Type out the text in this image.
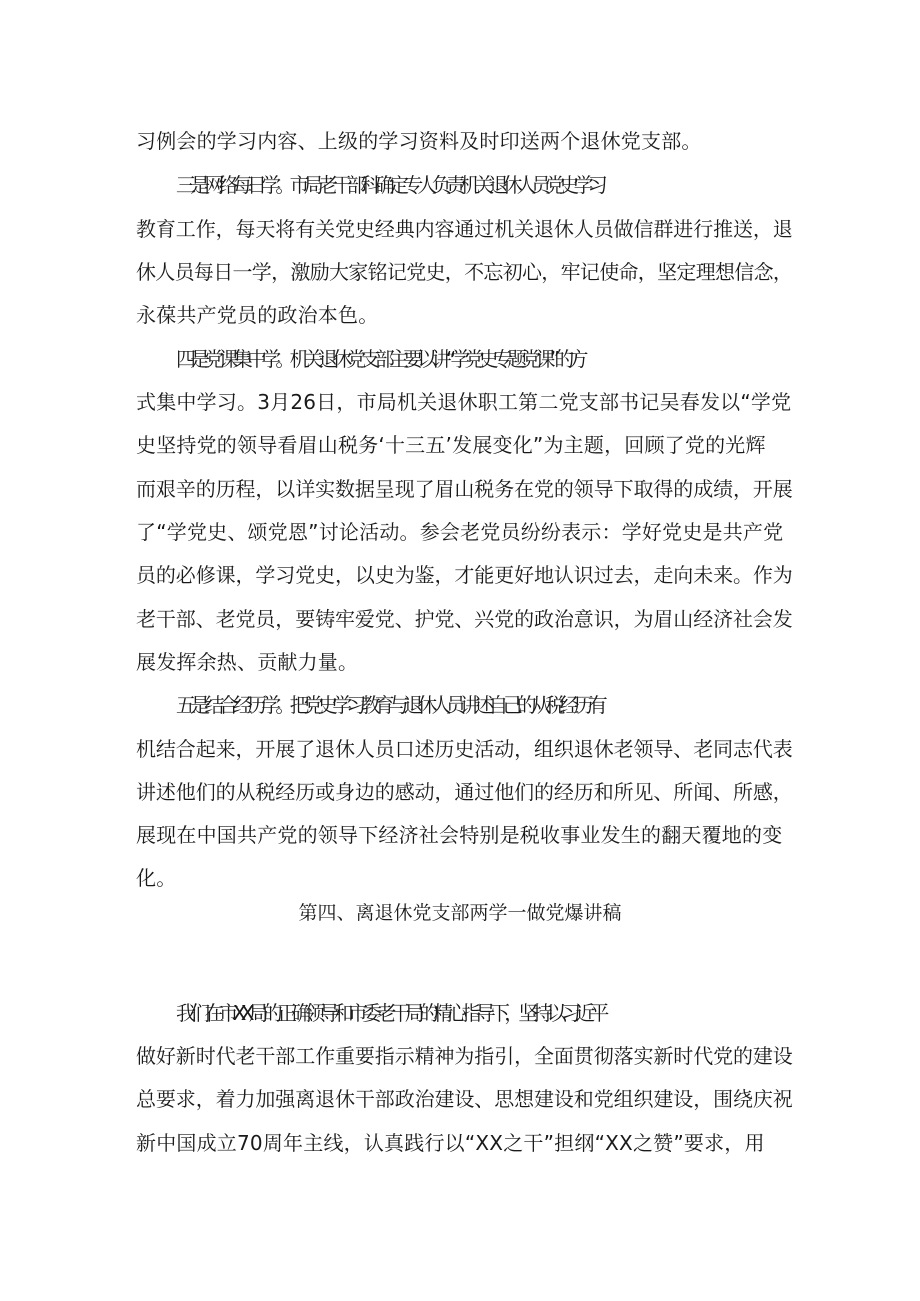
习例会的学习内容、上级的学习资料及时印送两个退休党支部。
三是网络每日学。市局老干部科确定专人负责机关退休人员党史学习
教育工作，每天将有关党史经典内容通过机关退休人员做信群进行推送，退
休人员每日一学，激励大家铭记党史，不忘初心，牢记使命，坚定理想信念，
永葆共产党员的政治本色。
四是党课集中学。机关退休党支部主要以讲“学党史专题党课”的方
式集中学习。3月26日，市局机关退休职工第二党支部书记吴春发以“学党
史坚持党的领导看眉山税务‘十三五’发展变化”为主题，回顾了党的光辉
而艰辛的历程，以详实数据呈现了眉山税务在党的领导下取得的成绩，开展
了“学党史、颂党恩”讨论活动。参会老党员纷纷表示：学好党史是共产党
员的必修课，学习党史，以史为鉴，才能更好地认识过去，走向未来。作为
老干部、老党员，要铸牢爱党、护党、兴党的政治意识，为眉山经济社会发
展发挥余热、贡献力量。
五是结合经历学。把党史学习教育与退休人员讲述自己的从税经历有
机结合起来，开展了退休人员口述历史活动，组织退休老领导、老同志代表
讲述他们的从税经历或身边的感动，通过他们的经历和所见、所闻、所感，
展现在中国共产党的领导下经济社会特别是税收事业发生的翻天覆地的变
化。
第四、离退休党支部两学一做党爆讲稿
我们在市XX局的正确领导和市委老干局的精心指导下，坚持以习近平
做好新时代老干部工作重要指示精神为指引，全面贯彻落实新时代党的建设
总要求，着力加强离退休干部政治建设、思想建设和党组织建设，围绕庆祝
新中国成立70周年主线，认真践行以“XX之干”担纲“XX之赞”要求，用
